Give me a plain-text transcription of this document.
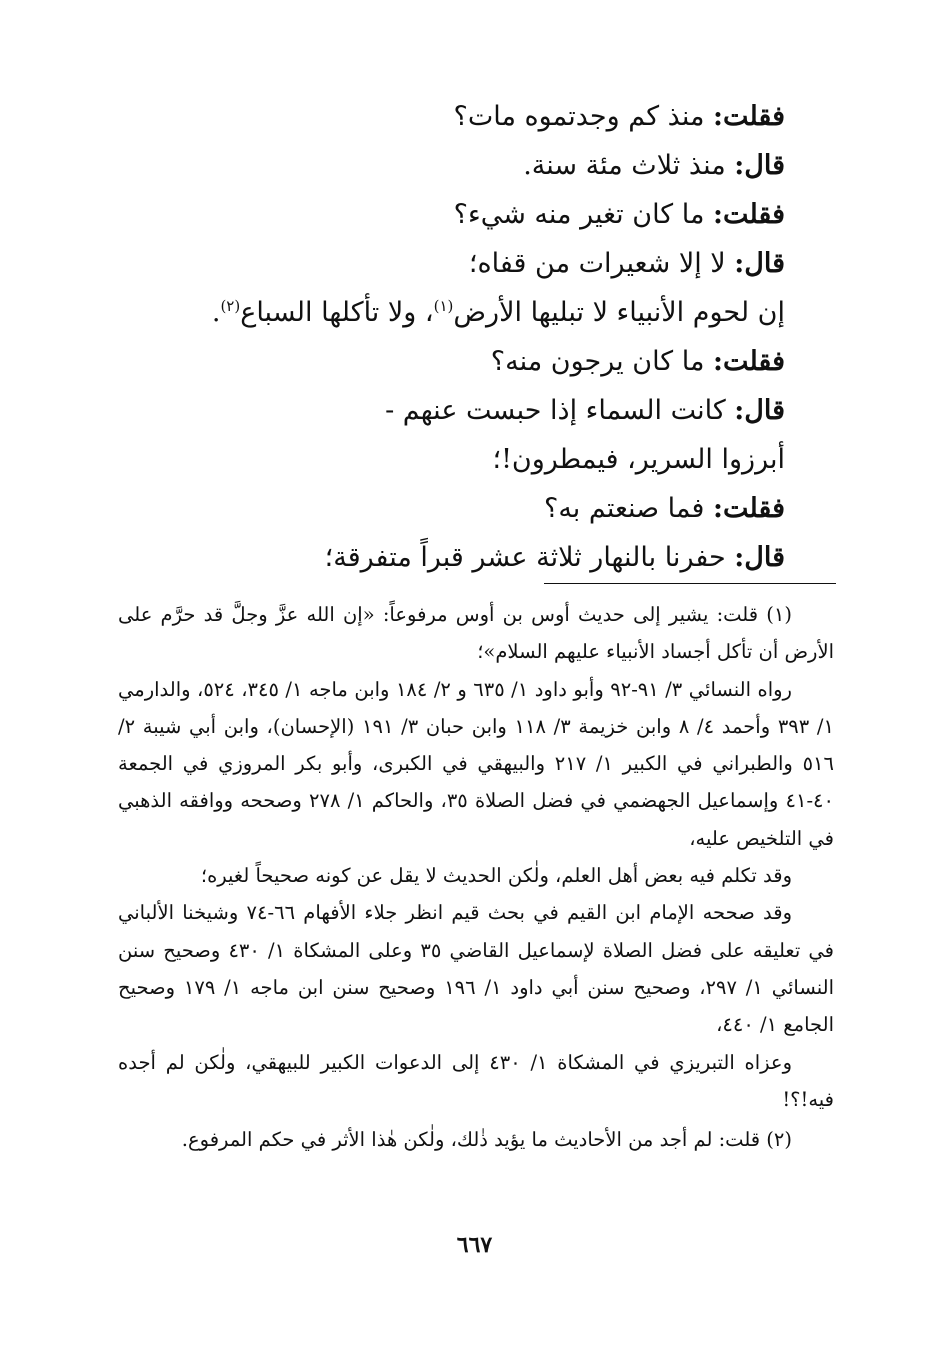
فقلت: منذ كم وجدتموه مات؟
قال: منذ ثلاث مئة سنة.
فقلت: ما كان تغير منه شيء؟
قال: لا إلا شعيرات من قفاه؛
إن لحوم الأنبياء لا تبليها الأرض$^{(١)}$، ولا تأكلها السباع$^{(٢)}$.
فقلت: ما كان يرجون منه؟
قال: كانت السماء إذا حبست عنهم -
أبرزوا السرير، فيمطرون!؛
فقلت: فما صنعتم به؟
قال: حفرنا بالنهار ثلاثة عشر قبراً متفرقة؛

(١) قلت: يشير إلى حديث أوس بن أوس مرفوعاً: «إن الله عزَّ وجلَّ قد حرَّم على الأرض أن تأكل أجساد الأنبياء عليهم السلام»؛

رواه النسائي ٣/ ٩١-٩٢ وأبو داود ١/ ٦٣٥ و ٢/ ١٨٤ وابن ماجه ١/ ٣٤٥، ٥٢٤، والدارمي ١/ ٣٩٣ وأحمد ٤/ ٨ وابن خزيمة ٣/ ١١٨ وابن حبان ٣/ ١٩١ (الإحسان)، وابن أبي شيبة ٢/ ٥١٦ والطبراني في الكبير ١/ ٢١٧ والبيهقي في الكبرى، وأبو بكر المروزي في الجمعة ٤٠-٤١ وإسماعيل الجهضمي في فضل الصلاة ٣٥، والحاكم ١/ ٢٧٨ وصححه ووافقه الذهبي في التلخيص عليه،

وقد تكلم فيه بعض أهل العلم، ولٰكن الحديث لا يقل عن كونه صحيحاً لغيره؛

وقد صححه الإمام ابن القيم في بحث قيم انظر جلاء الأفهام ٦٦-٧٤ وشيخنا الألباني في تعليقه على فضل الصلاة لإسماعيل القاضي ٣٥ وعلى المشكاة ١/ ٤٣٠ وصحيح سنن النسائي ١/ ٢٩٧، وصحيح سنن أبي داود ١/ ١٩٦ وصحيح سنن ابن ماجه ١/ ١٧٩ وصحيح الجامع ١/ ٤٤٠،

وعزاه التبريزي في المشكاة ١/ ٤٣٠ إلى الدعوات الكبير للبيهقي، ولٰكن لم أجده فيه!؟!

(٢) قلت: لم أجد من الأحاديث ما يؤيد ذٰلك، ولٰكن هٰذا الأثر في حكم المرفوع.

٦٦٧
